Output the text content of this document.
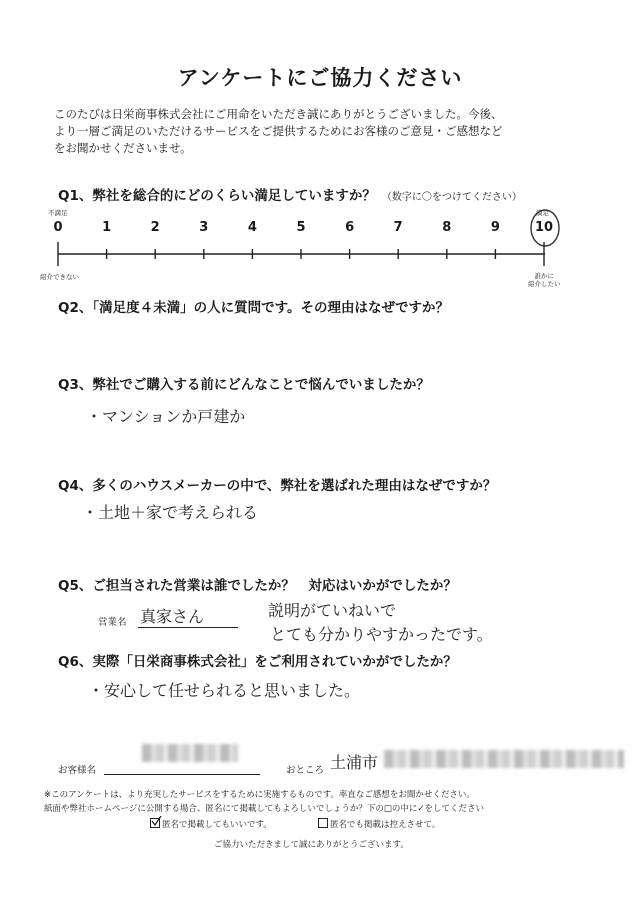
アンケートにご協力ください
このたびは日栄商事株式会社にご用命をいただき誠にありがとうございました。今後、
より一層ご満足のいただけるサービスをご提供するためにお客様のご意見・ご感想など
をお聞かせくださいませ。
Q1、弊社を総合的にどのくらい満足していますか？ （数字に〇をつけてください）
不満足	満足
0	1	2	3	4	5	6	7	8	9	10
紹介できない	誰かに
紹介したい
Q2、「満足度４未満」の人に質問です。その理由はなぜですか？
Q3、弊社でご購入する前にどんなことで悩んでいましたか？
・マンションか戸建か
Q4、多くのハウスメーカーの中で、弊社を選ばれた理由はなぜですか？
・土地＋家で考えられる
Q5、ご担当された営業は誰でしたか？　対応はいかがでしたか？
営業名 真家さん	説明がていねいで
とても分かりやすかったです。
Q6、実際「日栄商事株式会社」をご利用されていかがでしたか？
・安心して任せられると思いました。
お客様名	おところ 土浦市
※このアンケートは、より充実したサービスをするために実施するものです。率直なご感想をお聞かせください。
紙面や弊社ホームページに公開する場合、匿名にて掲載してもよろしいでしょうか？下の□の中に✓をしてください
匿名で掲載してもいいです。	匿名でも掲載は控えさせて。
ご協力いただきまして誠にありがとうございます。
